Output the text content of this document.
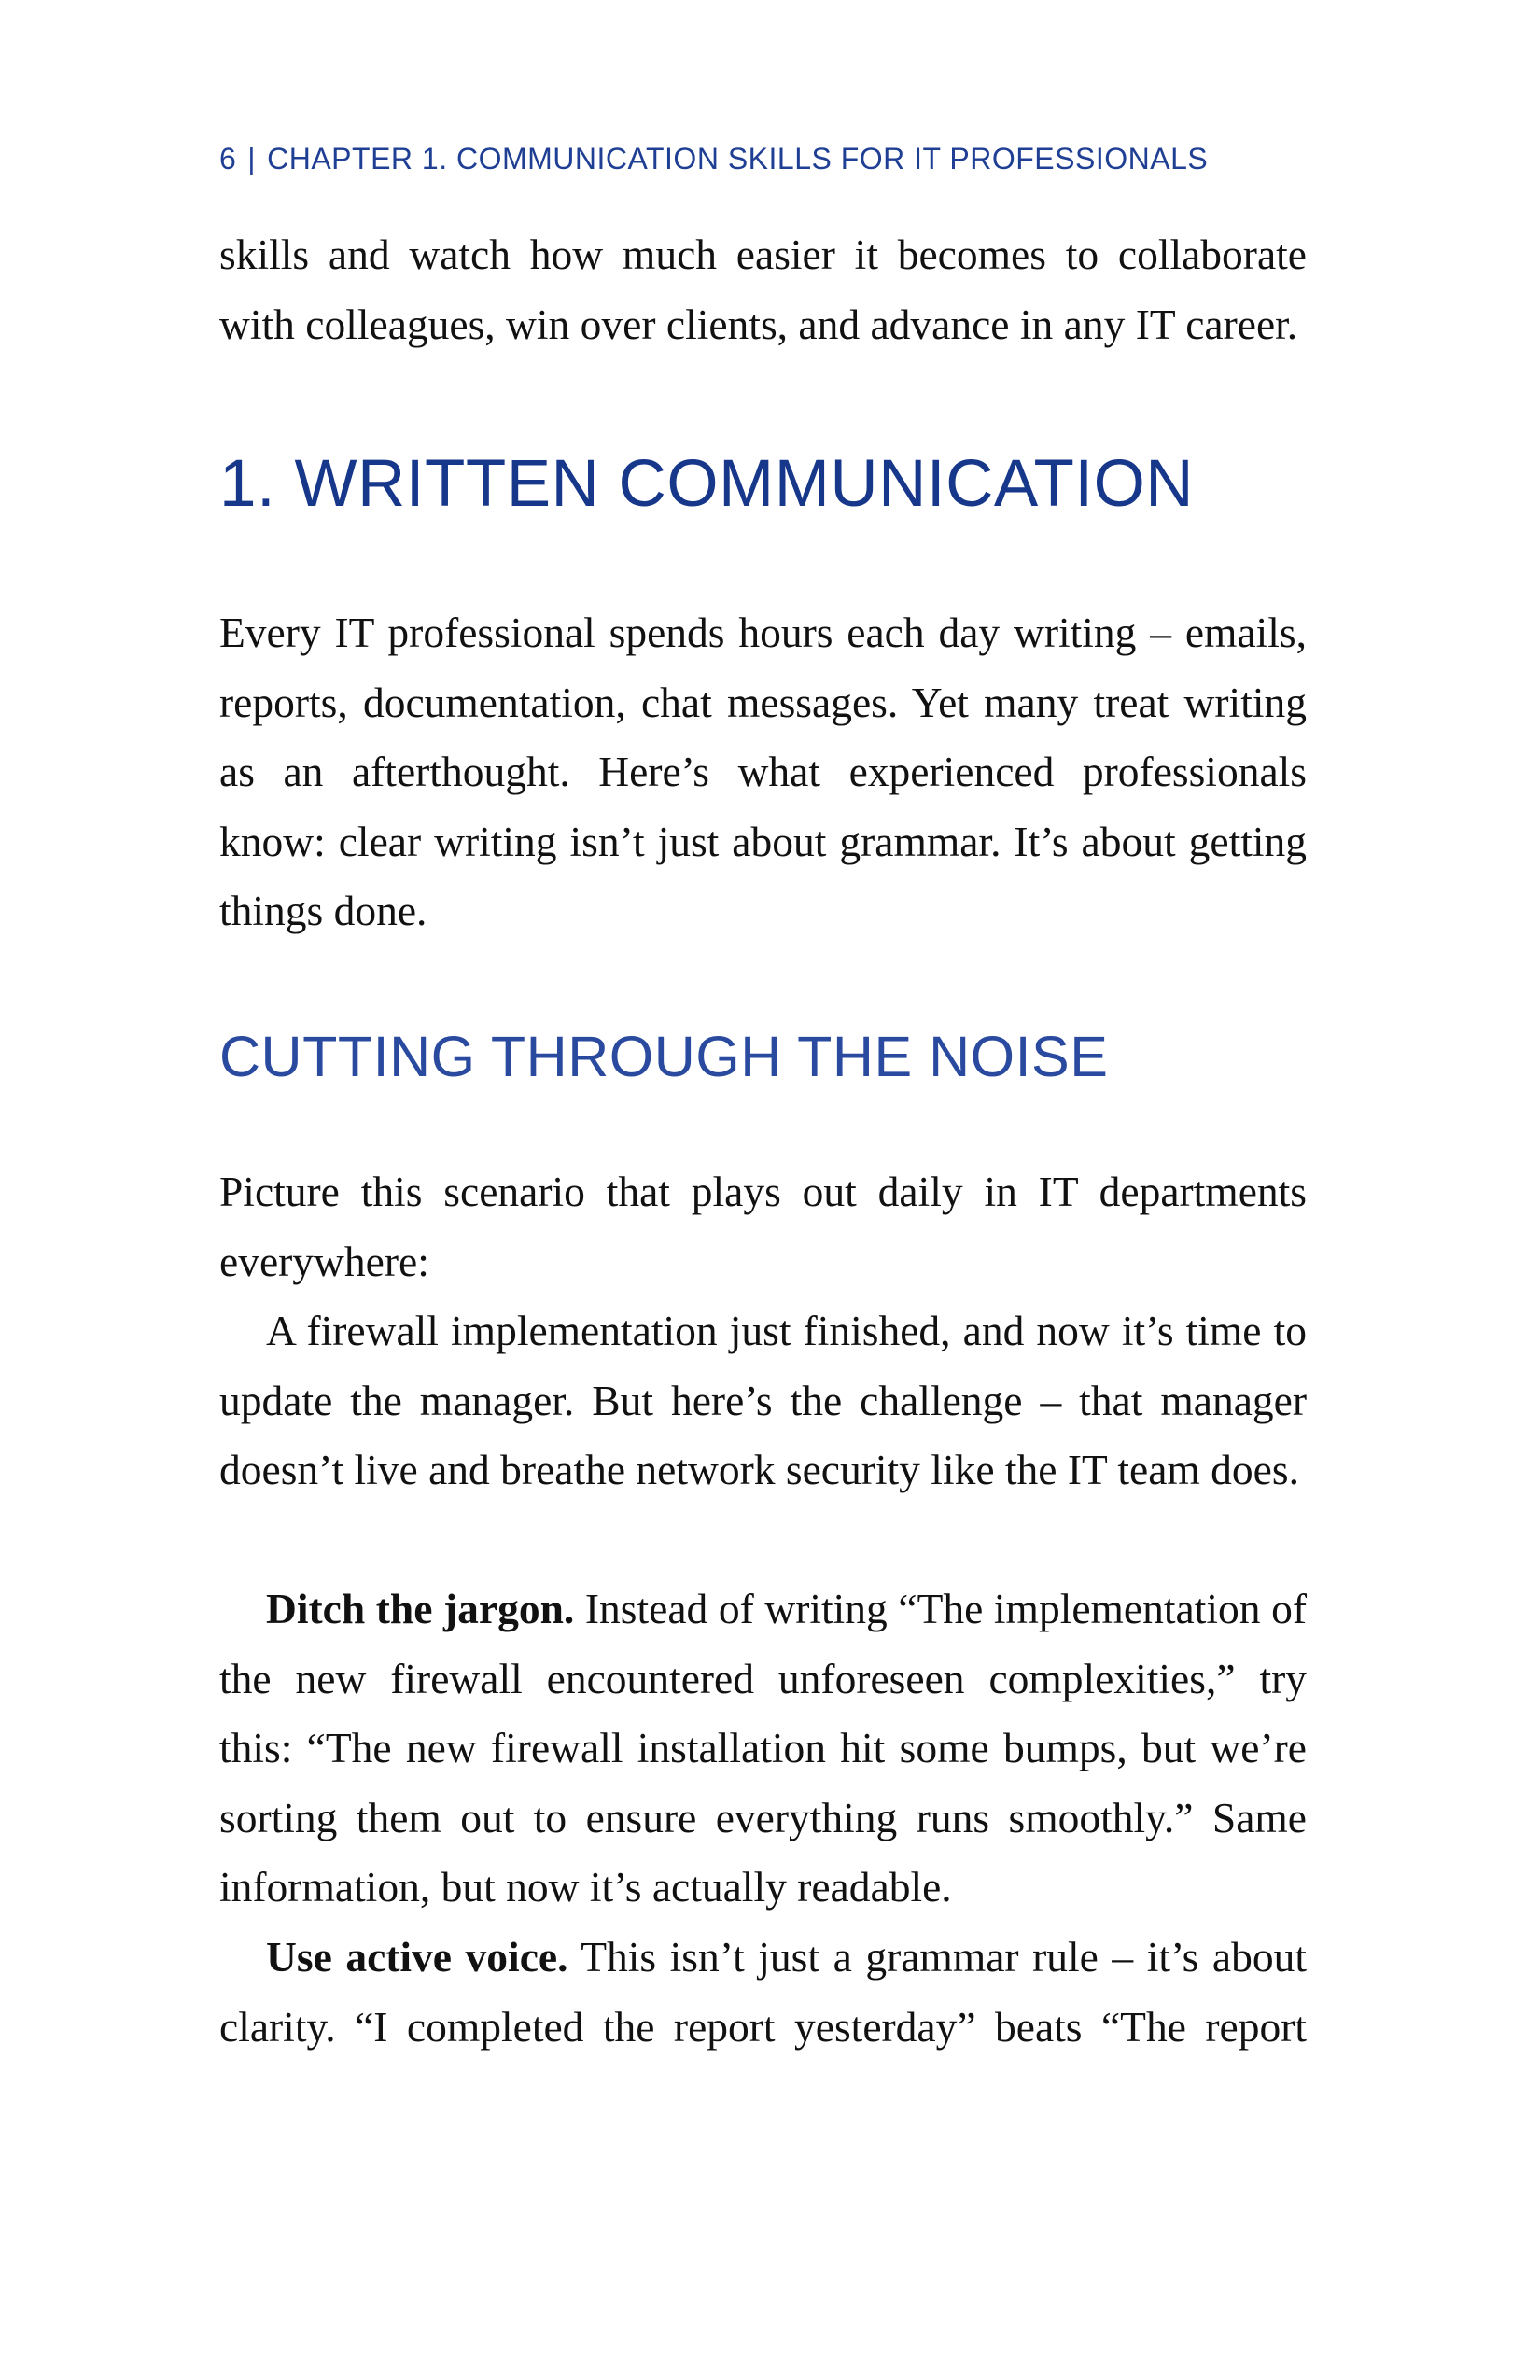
6 | CHAPTER 1. COMMUNICATION SKILLS FOR IT PROFESSIONALS

skills and watch how much easier it becomes to collaborate with colleagues, win over clients, and advance in any IT career.

1. WRITTEN COMMUNICATION

Every IT professional spends hours each day writing – emails, reports, documentation, chat messages. Yet many treat writing as an afterthought. Here’s what experienced professionals know: clear writing isn’t just about grammar. It’s about getting things done.

CUTTING THROUGH THE NOISE

Picture this scenario that plays out daily in IT departments everywhere:

A firewall implementation just finished, and now it’s time to update the manager. But here’s the challenge – that manager doesn’t live and breathe network security like the IT team does.

Ditch the jargon. Instead of writing “The implementation of the new firewall encountered unforeseen complexities,” try this: “The new firewall installation hit some bumps, but we’re sorting them out to ensure everything runs smoothly.” Same information, but now it’s actually readable.

Use active voice. This isn’t just a grammar rule – it’s about clarity. “I completed the report yesterday” beats “The report
